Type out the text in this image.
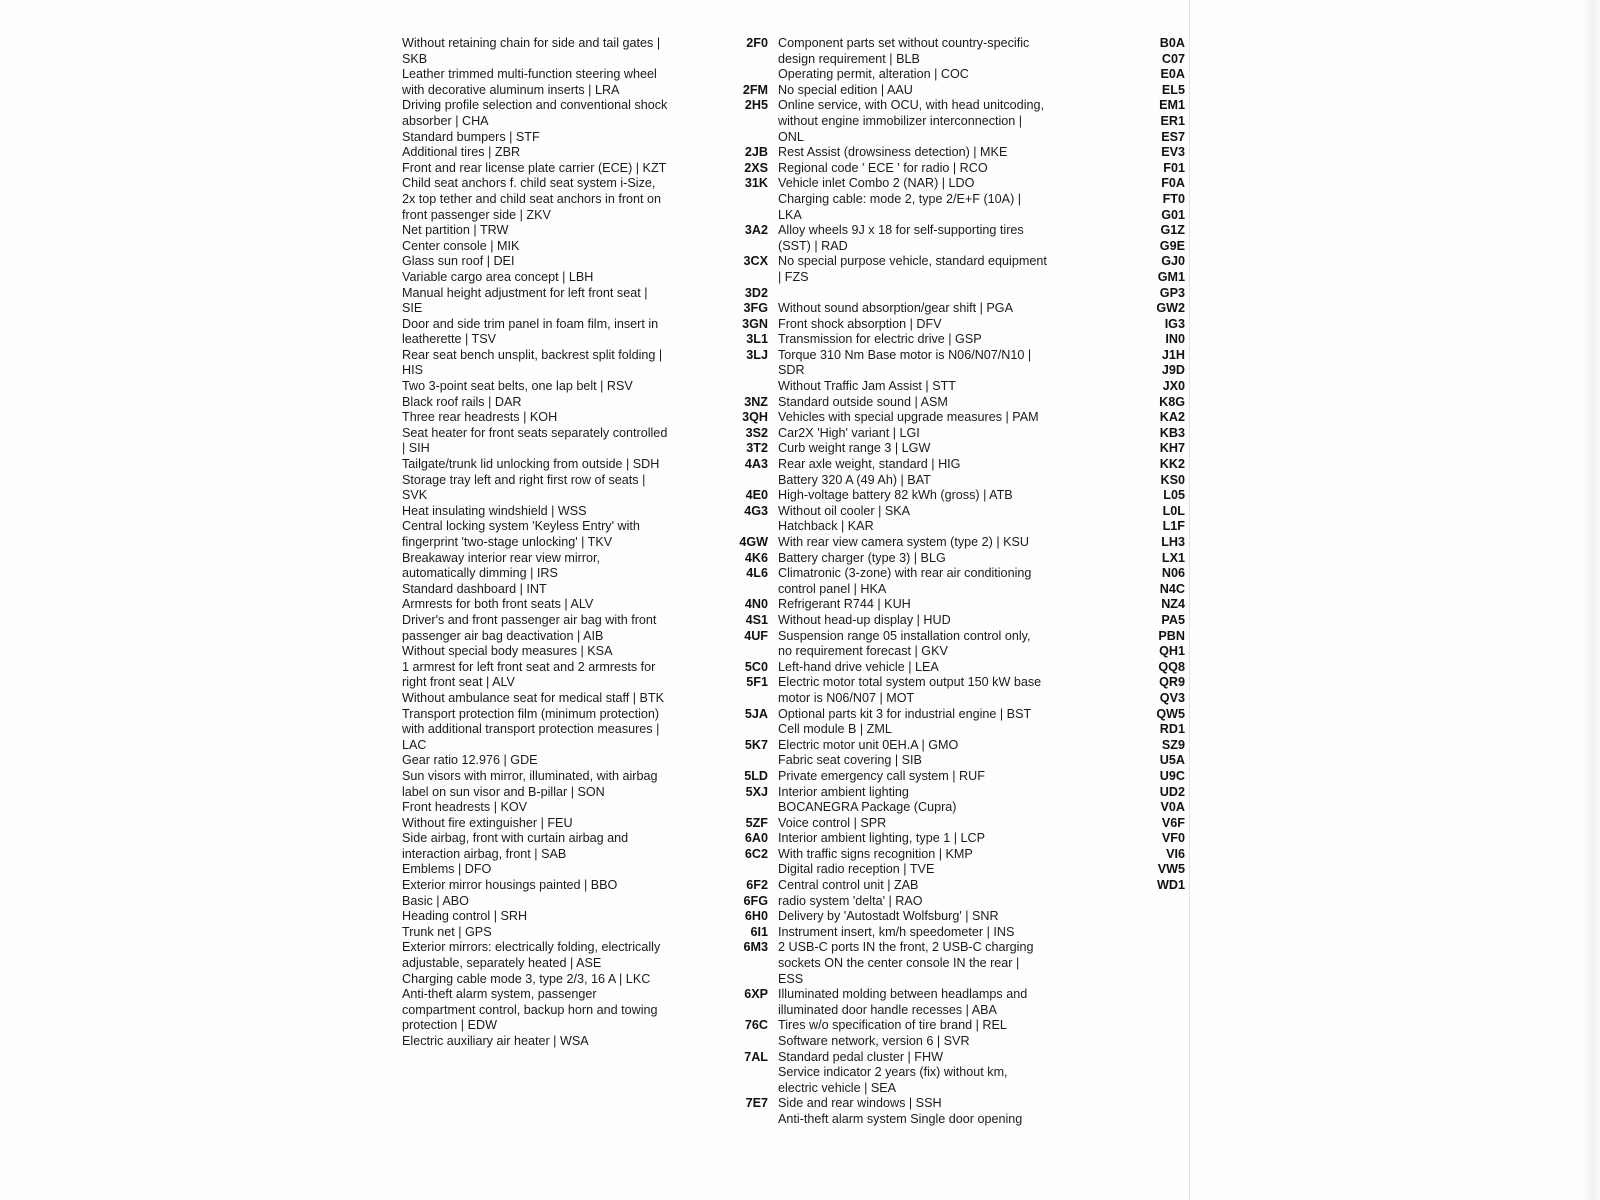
Without retaining chain for side and tail gates | SKB

Leather trimmed multi-function steering wheel with decorative aluminum inserts | LRA

Driving profile selection and conventional shock absorber | CHA

Standard bumpers | STF

Additional tires | ZBR

Front and rear license plate carrier (ECE) | KZT

Child seat anchors f. child seat system i-Size, 2x top tether and child seat anchors in front on front passenger side | ZKV

Net partition | TRW

Center console | MIK

Glass sun roof | DEI

Variable cargo area concept | LBH

Manual height adjustment for left front seat | SIE

Door and side trim panel in foam film, insert in leatherette | TSV

Rear seat bench unsplit, backrest split folding | HIS

Two 3-point seat belts, one lap belt | RSV

Black roof rails | DAR

Three rear headrests | KOH

Seat heater for front seats separately controlled | SIH

Tailgate/trunk lid unlocking from outside | SDH

Storage tray left and right first row of seats | SVK

Heat insulating windshield | WSS

Central locking system 'Keyless Entry' with fingerprint 'two-stage unlocking' | TKV

Breakaway interior rear view mirror, automatically dimming | IRS

Standard dashboard | INT

Armrests for both front seats | ALV

Driver's and front passenger air bag with front passenger air bag deactivation | AIB

Without special body measures | KSA

1 armrest for left front seat and 2 armrests for right front seat | ALV

Without ambulance seat for medical staff | BTK

Transport protection film (minimum protection) with additional transport protection measures | LAC

Gear ratio 12.976 | GDE

Sun visors with mirror, illuminated, with airbag label on sun visor and B-pillar | SON

Front headrests | KOV

Without fire extinguisher | FEU

Side airbag, front with curtain airbag and interaction airbag, front | SAB

Emblems | DFO

Exterior mirror housings painted | BBO

Basic | ABO

Heading control | SRH

Trunk net | GPS

Exterior mirrors: electrically folding, electrically adjustable, separately heated | ASE

Charging cable mode 3, type 2/3, 16 A | LKC

Anti-theft alarm system, passenger compartment control, backup horn and towing protection | EDW

Electric auxiliary air heater | WSA

2F0 Component parts set without country-specific design requirement | BLB
Operating permit, alteration | COC
2FM No special edition | AAU
2H5 Online service, with OCU, with head unitcoding, without engine immobilizer interconnection | ONL
2JB Rest Assist (drowsiness detection) | MKE
2XS Regional code ' ECE ' for radio | RCO
31K Vehicle inlet Combo 2 (NAR) | LDO
Charging cable: mode 2, type 2/E+F (10A) | LKA
3A2 Alloy wheels 9J x 18 for self-supporting tires (SST) | RAD
3CX No special purpose vehicle, standard equipment | FZS
3D2

3FG Without sound absorption/gear shift | PGA
3GN Front shock absorption | DFV
3L1 Transmission for electric drive | GSP
3LJ Torque 310 Nm Base motor is N06/N07/N10 | SDR
Without Traffic Jam Assist | STT
3NZ Standard outside sound | ASM
3QH Vehicles with special upgrade measures | PAM
3S2 Car2X 'High' variant | LGI
3T2 Curb weight range 3 | LGW
4A3 Rear axle weight, standard | HIG
Battery 320 A (49 Ah) | BAT
4E0 High-voltage battery 82 kWh (gross) | ATB
4G3 Without oil cooler | SKA
Hatchback | KAR
4GW With rear view camera system (type 2) | KSU
4K6 Battery charger (type 3) | BLG
4L6 Climatronic (3-zone) with rear air conditioning control panel | HKA
4N0 Refrigerant R744 | KUH
4S1 Without head-up display | HUD
4UF Suspension range 05 installation control only, no requirement forecast | GKV
5C0 Left-hand drive vehicle | LEA
5F1 Electric motor total system output 150 kW base motor is N06/N07 | MOT
5JA Optional parts kit 3 for industrial engine | BST
Cell module B | ZML
5K7 Electric motor unit 0EH.A | GMO
Fabric seat covering | SIB
5LD Private emergency call system | RUF
5XJ Interior ambient lighting
BOCANEGRA Package (Cupra)
5ZF Voice control | SPR
6A0 Interior ambient lighting, type 1 | LCP
6C2 With traffic signs recognition | KMP
Digital radio reception | TVE
6F2 Central control unit | ZAB
6FG radio system 'delta' | RAO
6H0 Delivery by 'Autostadt Wolfsburg' | SNR
6I1 Instrument insert, km/h speedometer | INS
6M3 2 USB-C ports IN the front, 2 USB-C charging sockets ON the center console IN the rear | ESS
6XP Illuminated molding between headlamps and illuminated door handle recesses | ABA
76C Tires w/o specification of tire brand | REL
Software network, version 6 | SVR
7AL Standard pedal cluster | FHW
Service indicator 2 years (fix) without km, electric vehicle | SEA
7E7 Side and rear windows | SSH
Anti-theft alarm system Single door opening
B0A
C07
E0A
EL5
EM1
ER1
ES7
EV3
F01
F0A
FT0
G01
G1Z
G9E
GJ0
GM1
GP3
GW2
IG3
IN0
J1H
J9D
JX0
K8G
KA2
KB3
KH7
KK2
KS0
L05
L0L
L1F
LH3
LX1
N06
N4C
NZ4
PA5
PBN
QH1
QQ8
QR9
QV3
QW5
RD1
SZ9
U5A
U9C
UD2
V0A
V6F
VF0
VI6
VW5
WD1
